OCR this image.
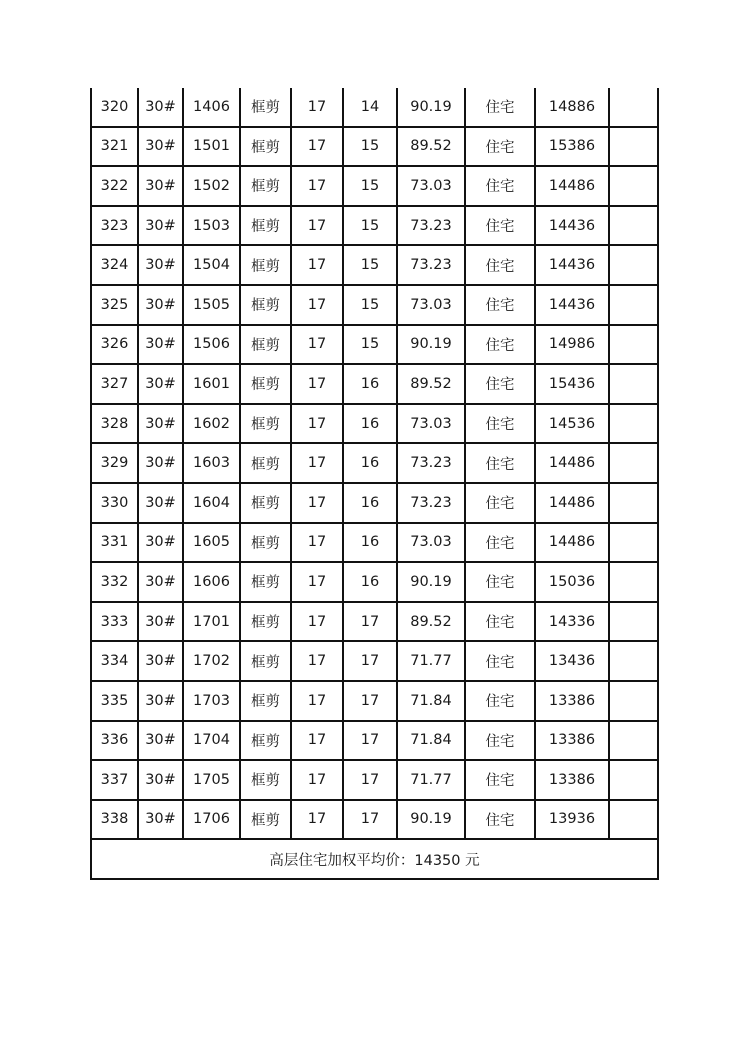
320	30#	1406	框剪	17	14	90.19	住宅	14886	
321	30#	1501	框剪	17	15	89.52	住宅	15386	
322	30#	1502	框剪	17	15	73.03	住宅	14486	
323	30#	1503	框剪	17	15	73.23	住宅	14436	
324	30#	1504	框剪	17	15	73.23	住宅	14436	
325	30#	1505	框剪	17	15	73.03	住宅	14436	
326	30#	1506	框剪	17	15	90.19	住宅	14986	
327	30#	1601	框剪	17	16	89.52	住宅	15436	
328	30#	1602	框剪	17	16	73.03	住宅	14536	
329	30#	1603	框剪	17	16	73.23	住宅	14486	
330	30#	1604	框剪	17	16	73.23	住宅	14486	
331	30#	1605	框剪	17	16	73.03	住宅	14486	
332	30#	1606	框剪	17	16	90.19	住宅	15036	
333	30#	1701	框剪	17	17	89.52	住宅	14336	
334	30#	1702	框剪	17	17	71.77	住宅	13436	
335	30#	1703	框剪	17	17	71.84	住宅	13386	
336	30#	1704	框剪	17	17	71.84	住宅	13386	
337	30#	1705	框剪	17	17	71.77	住宅	13386	
338	30#	1706	框剪	17	17	90.19	住宅	13936	
高层住宅加权平均价：14350 元									
